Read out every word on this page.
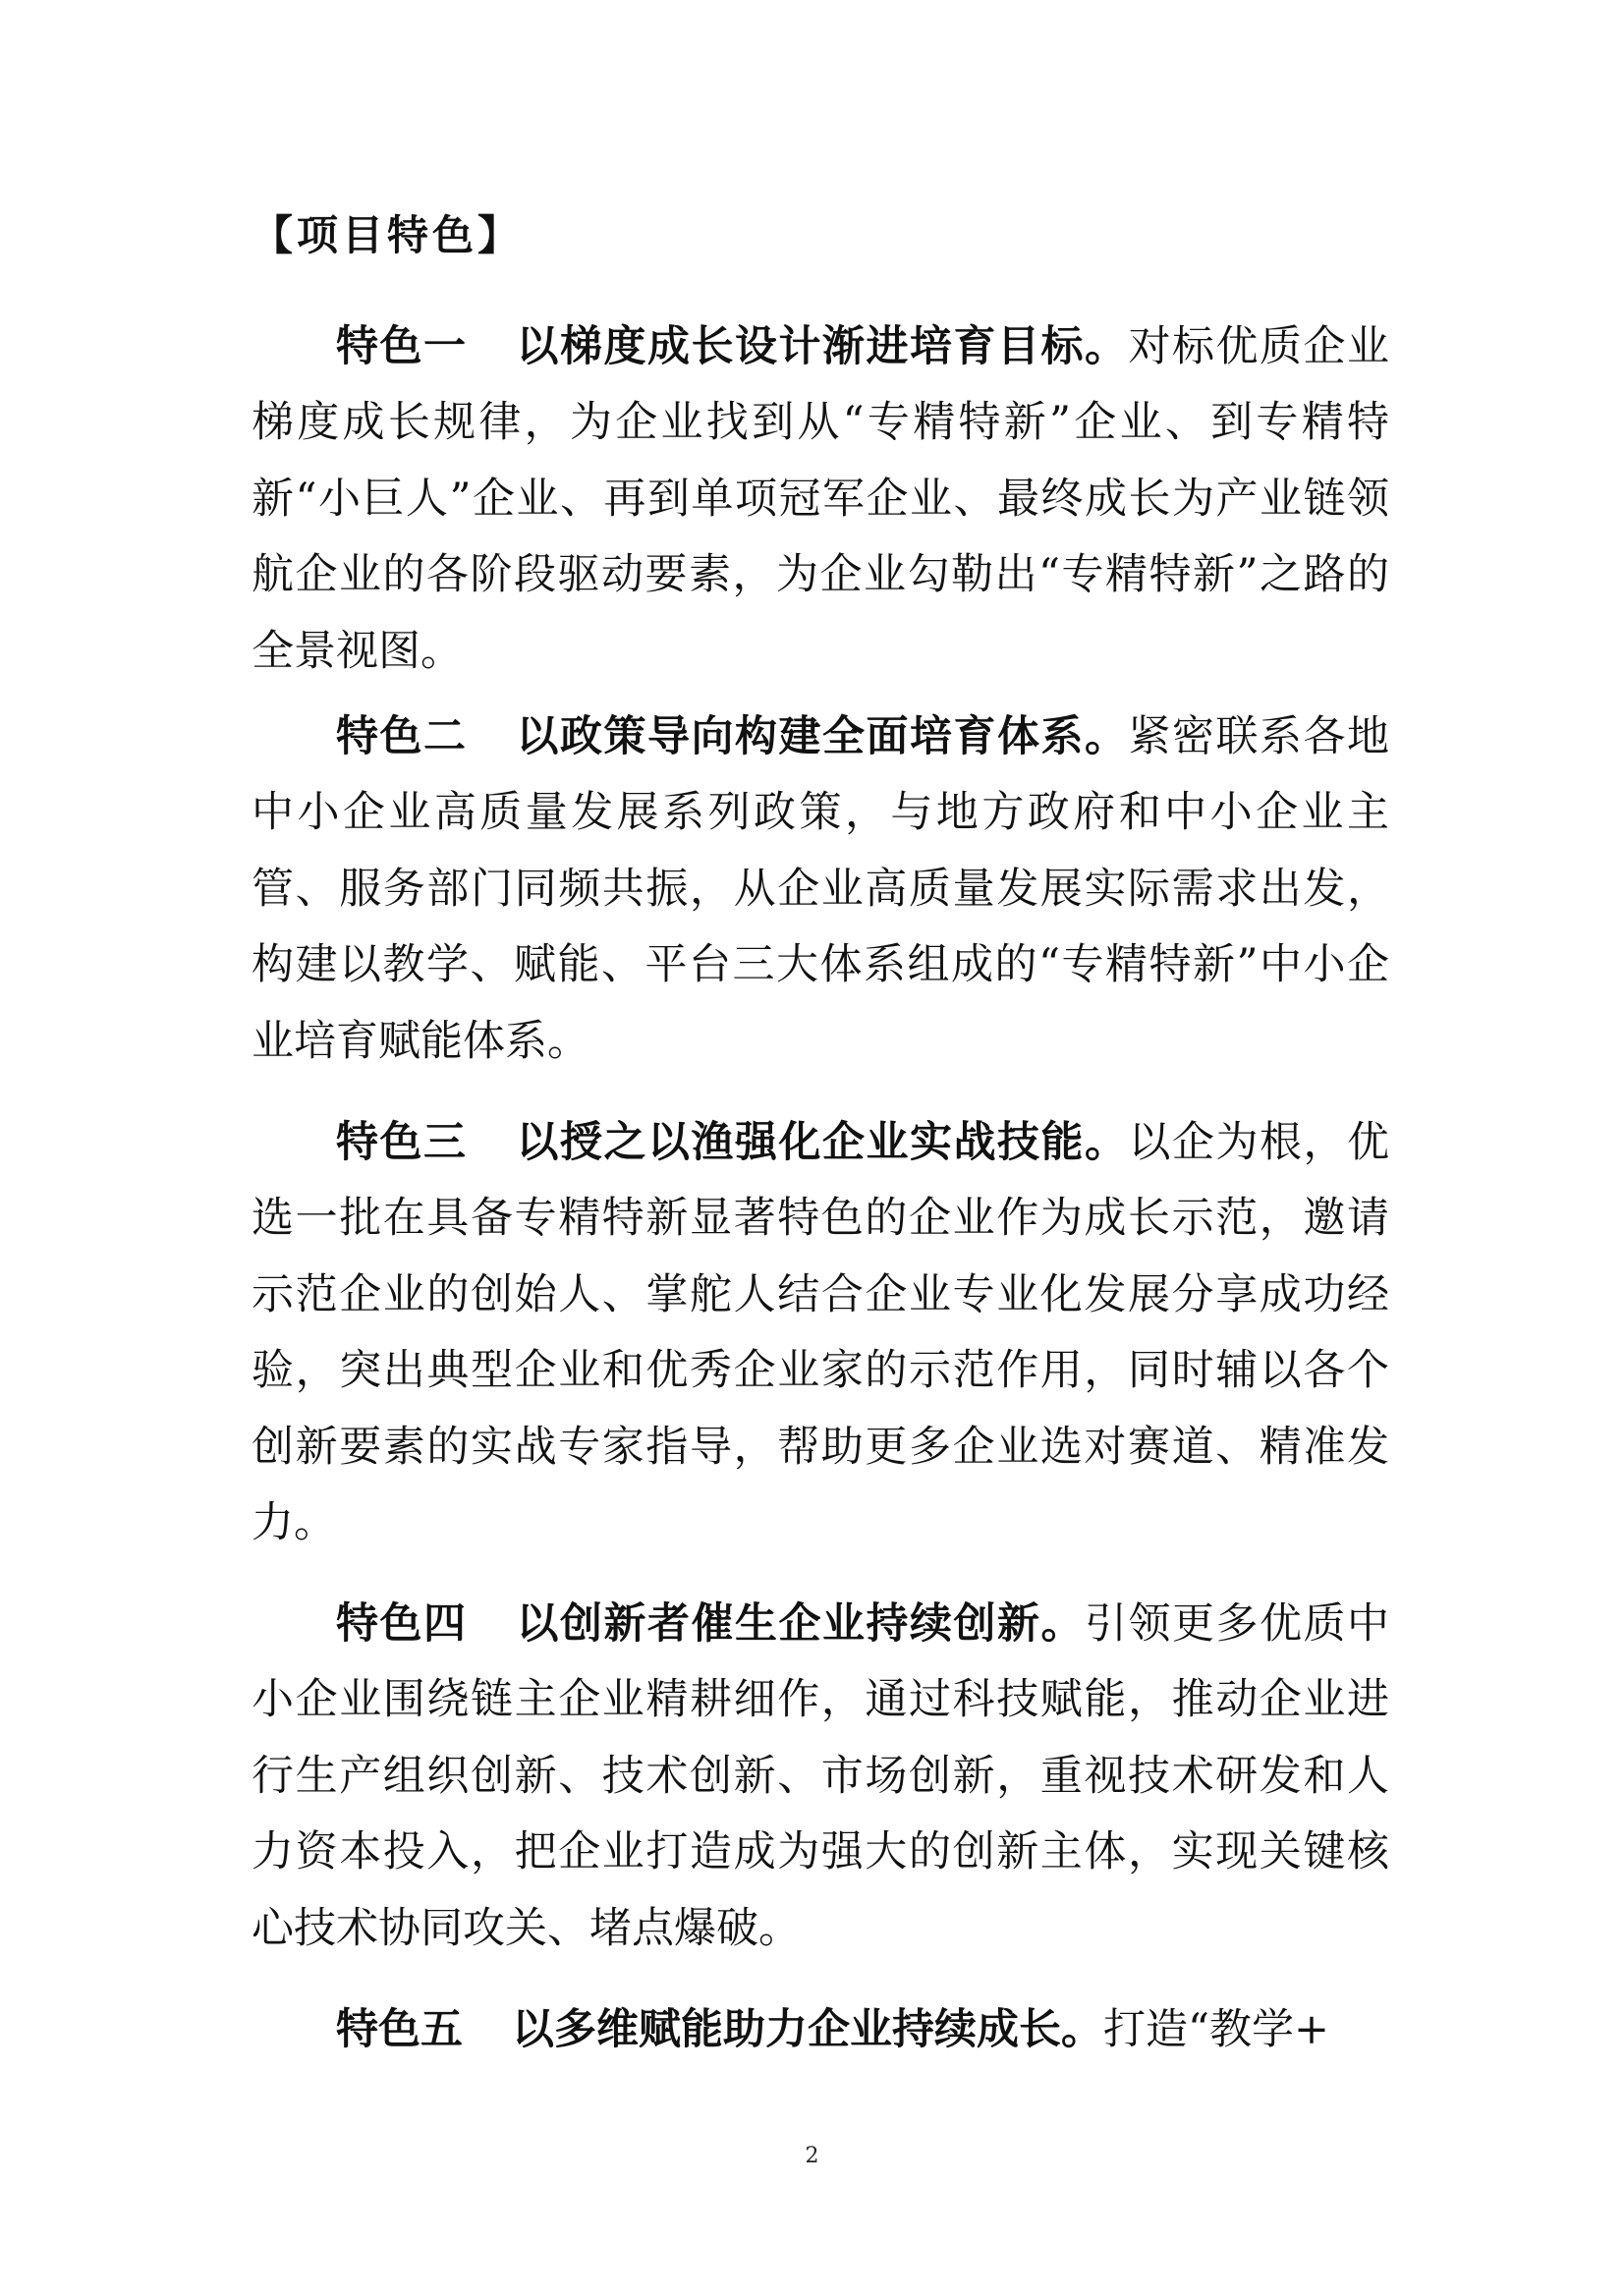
【项目特色】

特色一 以梯度成长设计渐进培育目标。对标优质企业梯度成长规律，为企业找到从“专精特新”企业、到专精特新“小巨人”企业、再到单项冠军企业、最终成长为产业链领航企业的各阶段驱动要素，为企业勾勒出“专精特新”之路的全景视图。

特色二 以政策导向构建全面培育体系。紧密联系各地中小企业高质量发展系列政策，与地方政府和中小企业主管、服务部门同频共振，从企业高质量发展实际需求出发，构建以教学、赋能、平台三大体系组成的“专精特新”中小企业培育赋能体系。

特色三 以授之以渔强化企业实战技能。以企为根，优选一批在具备专精特新显著特色的企业作为成长示范，邀请示范企业的创始人、掌舵人结合企业专业化发展分享成功经验，突出典型企业和优秀企业家的示范作用，同时辅以各个创新要素的实战专家指导，帮助更多企业选对赛道、精准发力。

特色四 以创新者催生企业持续创新。引领更多优质中小企业围绕链主企业精耕细作，通过科技赋能，推动企业进行生产组织创新、技术创新、市场创新，重视技术研发和人力资本投入，把企业打造成为强大的创新主体，实现关键核心技术协同攻关、堵点爆破。

特色五 以多维赋能助力企业持续成长。打造“教学+

2
